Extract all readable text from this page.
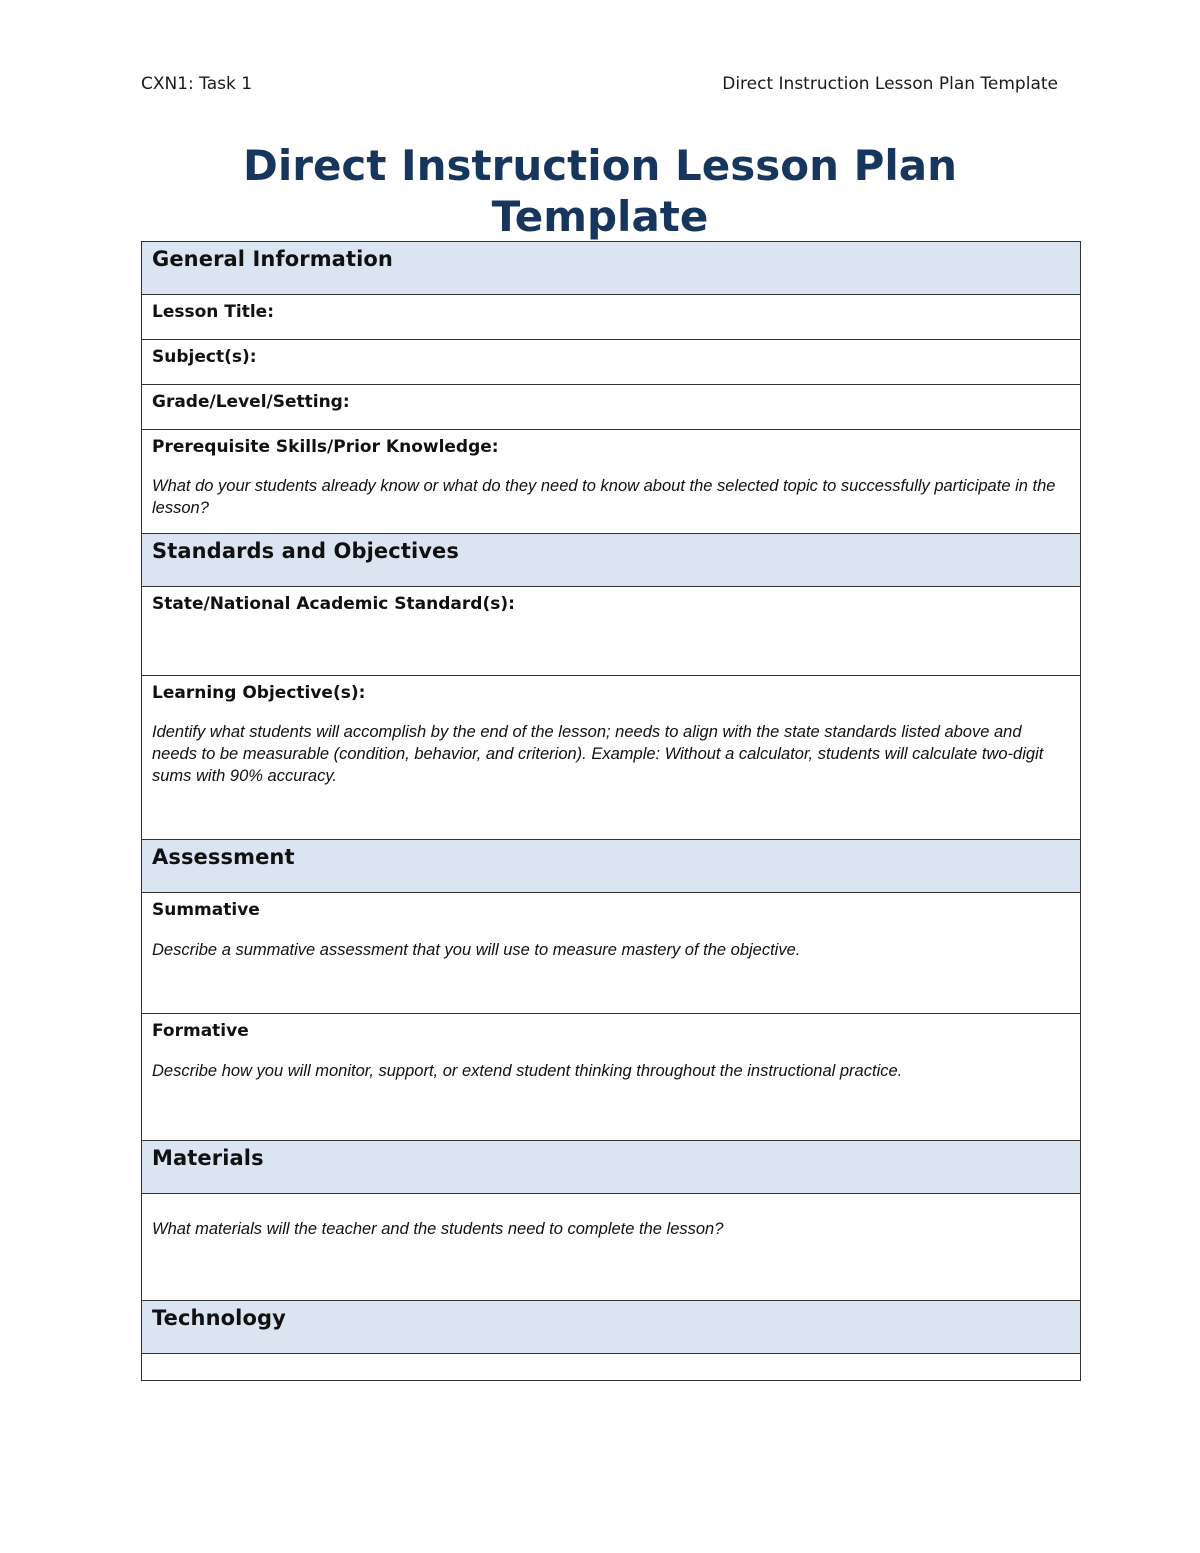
CXN1: Task 1	Direct Instruction Lesson Plan Template
Direct Instruction Lesson Plan
Template
General Information

Lesson Title:

Subject(s):

Grade/Level/Setting:

Prerequisite Skills/Prior Knowledge:
What do your students already know or what do they need to know about the selected topic to successfully participate in the lesson?

Standards and Objectives

State/National Academic Standard(s):

Learning Objective(s):
Identify what students will accomplish by the end of the lesson; needs to align with the state standards listed above and needs to be measurable (condition, behavior, and criterion). Example: Without a calculator, students will calculate two-digit sums with 90% accuracy.

Assessment

Summative
Describe a summative assessment that you will use to measure mastery of the objective.

Formative
Describe how you will monitor, support, or extend student thinking throughout the instructional practice.

Materials

What materials will the teacher and the students need to complete the lesson?

Technology
